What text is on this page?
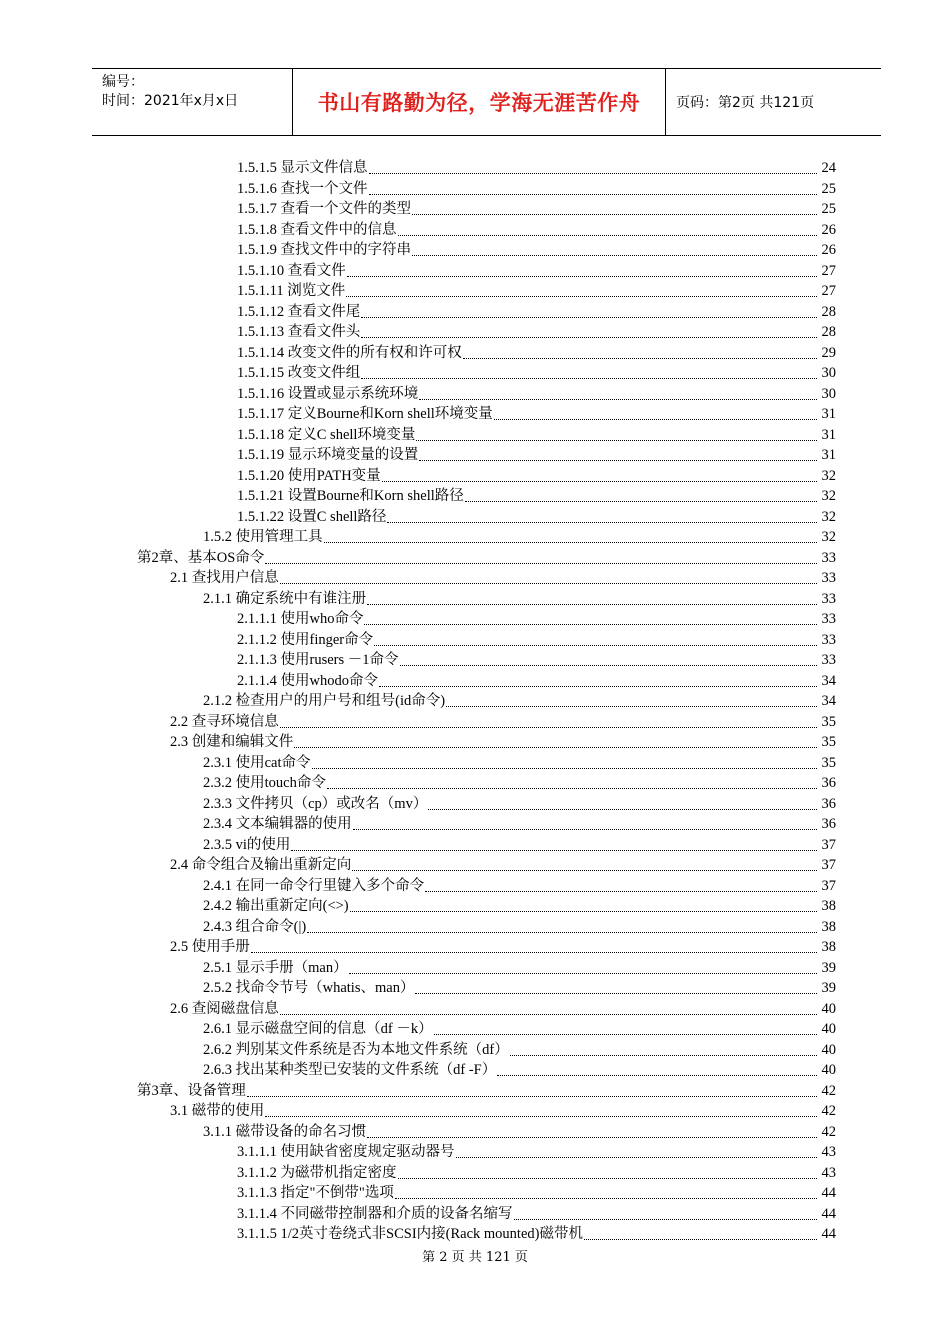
编号：
时间：2021年x月x日	书山有路勤为径，学海无涯苦作舟	页码：第2页 共121页
1.5.1.5 显示文件信息	24
1.5.1.6 查找一个文件	25
1.5.1.7 查看一个文件的类型	25
1.5.1.8 查看文件中的信息	26
1.5.1.9 查找文件中的字符串	26
1.5.1.10 查看文件	27
1.5.1.11 浏览文件	27
1.5.1.12 查看文件尾	28
1.5.1.13 查看文件头	28
1.5.1.14 改变文件的所有权和许可权	29
1.5.1.15 改变文件组	30
1.5.1.16 设置或显示系统环境	30
1.5.1.17 定义Bourne和Korn shell环境变量	31
1.5.1.18 定义C shell环境变量	31
1.5.1.19 显示环境变量的设置	31
1.5.1.20 使用PATH变量	32
1.5.1.21 设置Bourne和Korn shell路径	32
1.5.1.22 设置C shell路径	32
1.5.2 使用管理工具	32
第2章、基本OS命令	33
2.1 查找用户信息	33
2.1.1 确定系统中有谁注册	33
2.1.1.1 使用who命令	33
2.1.1.2 使用finger命令	33
2.1.1.3 使用rusers －1命令	33
2.1.1.4 使用whodo命令	34
2.1.2 检查用户的用户号和组号(id命令)	34
2.2 查寻环境信息	35
2.3 创建和编辑文件	35
2.3.1 使用cat命令	35
2.3.2 使用touch命令	36
2.3.3 文件拷贝（cp）或改名（mv）	36
2.3.4 文本编辑器的使用	36
2.3.5 vi的使用	37
2.4 命令组合及输出重新定向	37
2.4.1 在同一命令行里键入多个命令	37
2.4.2 输出重新定向(<>)	38
2.4.3 组合命令(|)	38
2.5 使用手册	38
2.5.1 显示手册（man）	39
2.5.2 找命令节号（whatis、man）	39
2.6 查阅磁盘信息	40
2.6.1 显示磁盘空间的信息（df －k）	40
2.6.2 判别某文件系统是否为本地文件系统（df）	40
2.6.3 找出某种类型已安装的文件系统（df -F）	40
第3章、设备管理	42
3.1 磁带的使用	42
3.1.1 磁带设备的命名习惯	42
3.1.1.1 使用缺省密度规定驱动器号	43
3.1.1.2 为磁带机指定密度	43
3.1.1.3 指定"不倒带"选项	44
3.1.1.4 不同磁带控制器和介质的设备名缩写	44
3.1.1.5 1/2英寸卷绕式非SCSI内接(Rack mounted)磁带机	44
第 2 页 共 121 页
